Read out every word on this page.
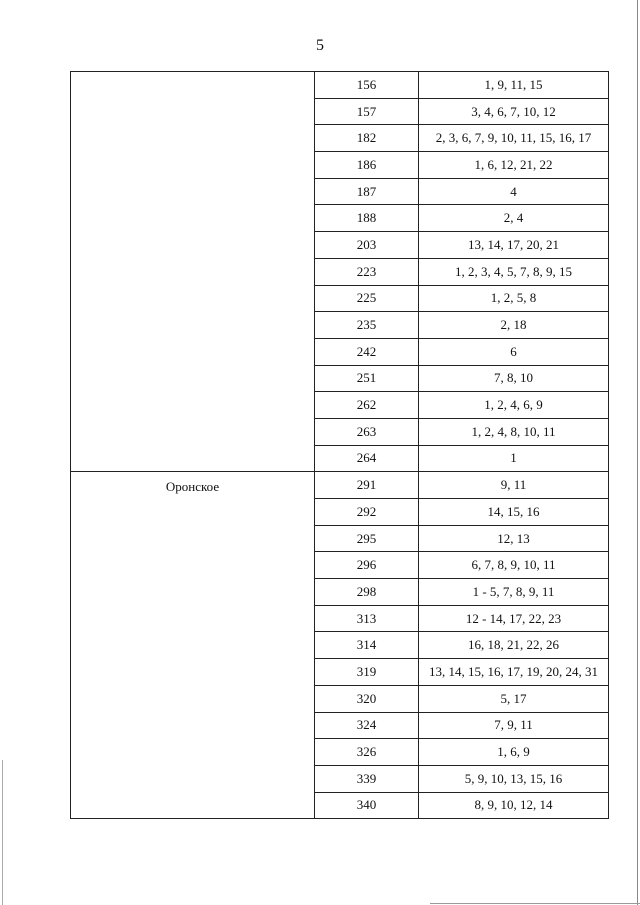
5
	156	1, 9, 11, 15
	157	3, 4, 6, 7, 10, 12
	182	2, 3, 6, 7, 9, 10, 11, 15, 16, 17
	186	1, 6, 12, 21, 22
	187	4
	188	2, 4
	203	13, 14, 17, 20, 21
	223	1, 2, 3, 4, 5, 7, 8, 9, 15
	225	1, 2, 5, 8
	235	2, 18
	242	6
	251	7, 8, 10
	262	1, 2, 4, 6, 9
	263	1, 2, 4, 8, 10, 11
	264	1
Оронское	291	9, 11
	292	14, 15, 16
	295	12, 13
	296	6, 7, 8, 9, 10, 11
	298	1 - 5, 7, 8, 9, 11
	313	12 - 14, 17, 22, 23
	314	16, 18, 21, 22, 26
	319	13, 14, 15, 16, 17, 19, 20, 24, 31
	320	5, 17
	324	7, 9, 11
	326	1, 6, 9
	339	5, 9, 10, 13, 15, 16
	340	8, 9, 10, 12, 14
